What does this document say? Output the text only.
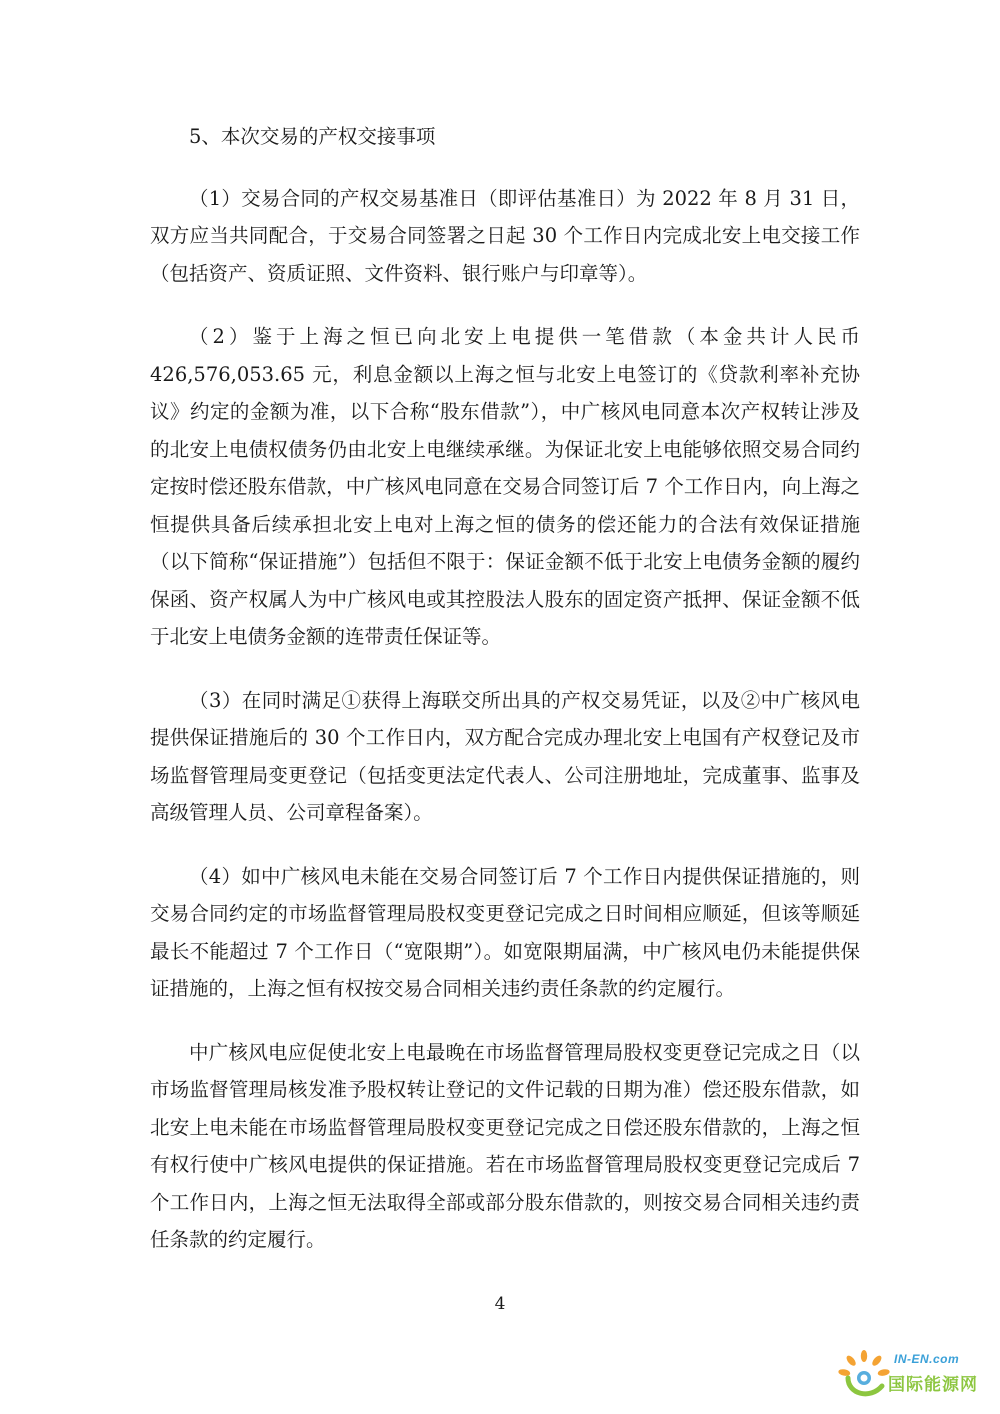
5、本次交易的产权交接事项

（1）交易合同的产权交易基准日（即评估基准日）为 2022 年 8 月 31 日，双方应当共同配合，于交易合同签署之日起 30 个工作日内完成北安上电交接工作（包括资产、资质证照、文件资料、银行账户与印章等）。

（2）鉴于上海之恒已向北安上电提供一笔借款（本金共计人民币 426,576,053.65 元，利息金额以上海之恒与北安上电签订的《贷款利率补充协议》约定的金额为准，以下合称“股东借款”），中广核风电同意本次产权转让涉及的北安上电债权债务仍由北安上电继续承继。为保证北安上电能够依照交易合同约定按时偿还股东借款，中广核风电同意在交易合同签订后 7 个工作日内，向上海之恒提供具备后续承担北安上电对上海之恒的债务的偿还能力的合法有效保证措施（以下简称“保证措施”）包括但不限于：保证金额不低于北安上电债务金额的履约保函、资产权属人为中广核风电或其控股法人股东的固定资产抵押、保证金额不低于北安上电债务金额的连带责任保证等。

（3）在同时满足①获得上海联交所出具的产权交易凭证，以及②中广核风电提供保证措施后的 30 个工作日内，双方配合完成办理北安上电国有产权登记及市场监督管理局变更登记（包括变更法定代表人、公司注册地址，完成董事、监事及高级管理人员、公司章程备案）。

（4）如中广核风电未能在交易合同签订后 7 个工作日内提供保证措施的，则交易合同约定的市场监督管理局股权变更登记完成之日时间相应顺延，但该等顺延最长不能超过 7 个工作日（“宽限期”）。如宽限期届满，中广核风电仍未能提供保证措施的，上海之恒有权按交易合同相关违约责任条款的约定履行。

中广核风电应促使北安上电最晚在市场监督管理局股权变更登记完成之日（以市场监督管理局核发准予股权转让登记的文件记载的日期为准）偿还股东借款，如北安上电未能在市场监督管理局股权变更登记完成之日偿还股东借款的，上海之恒有权行使中广核风电提供的保证措施。若在市场监督管理局股权变更登记完成后 7 个工作日内，上海之恒无法取得全部或部分股东借款的，则按交易合同相关违约责任条款的约定履行。

4
IN-EN.com
国际能源网
